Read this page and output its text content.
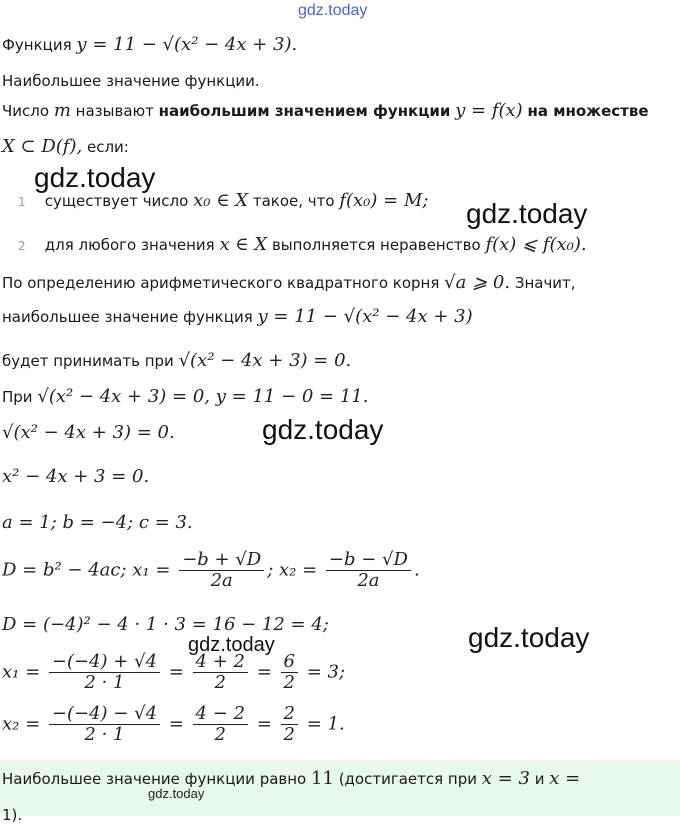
gdz.today
gdz.today
gdz.today
gdz.today
gdz.today
gdz.today
gdz.today
Функция y = 11 − √(x² − 4x + 3).
Наибольшее значение функции.
Число m называют наибольшим значением функции y = f(x) на множестве
X ⊂ D(f), если:
1 существует число x₀ ∈ X такое, что f(x₀) = M;
2 для любого значения x ∈ X выполняется неравенство f(x) ⩽ f(x₀).
По определению арифметического квадратного корня √a ⩾ 0. Значит,
наибольшее значение функция y = 11 − √(x² − 4x + 3)
будет принимать при √(x² − 4x + 3) = 0.
При √(x² − 4x + 3) = 0, y = 11 − 0 = 11.
√(x² − 4x + 3) = 0.
x² − 4x + 3 = 0.
a = 1; b = −4; c = 3.
D = b² − 4ac; $x_1 = \frac{-b + √D}{2a}$ ; $x_2 = \frac{-b - √D}{2a}$ .
D = (−4)² − 4 · 1 · 3 = 16 − 12 = 4;
$x_1 = \frac{-(-4) + √4}{2 \cdot 1} = \frac{4 + 2}{2} = \frac{6}{2} = 3$;
$x_2 = \frac{-(-4) - √4}{2 \cdot 1} = \frac{4 - 2}{2} = \frac{2}{2} = 1$.
Наибольшее значение функции равно 11 (достигается при x = 3 и x =
1).
